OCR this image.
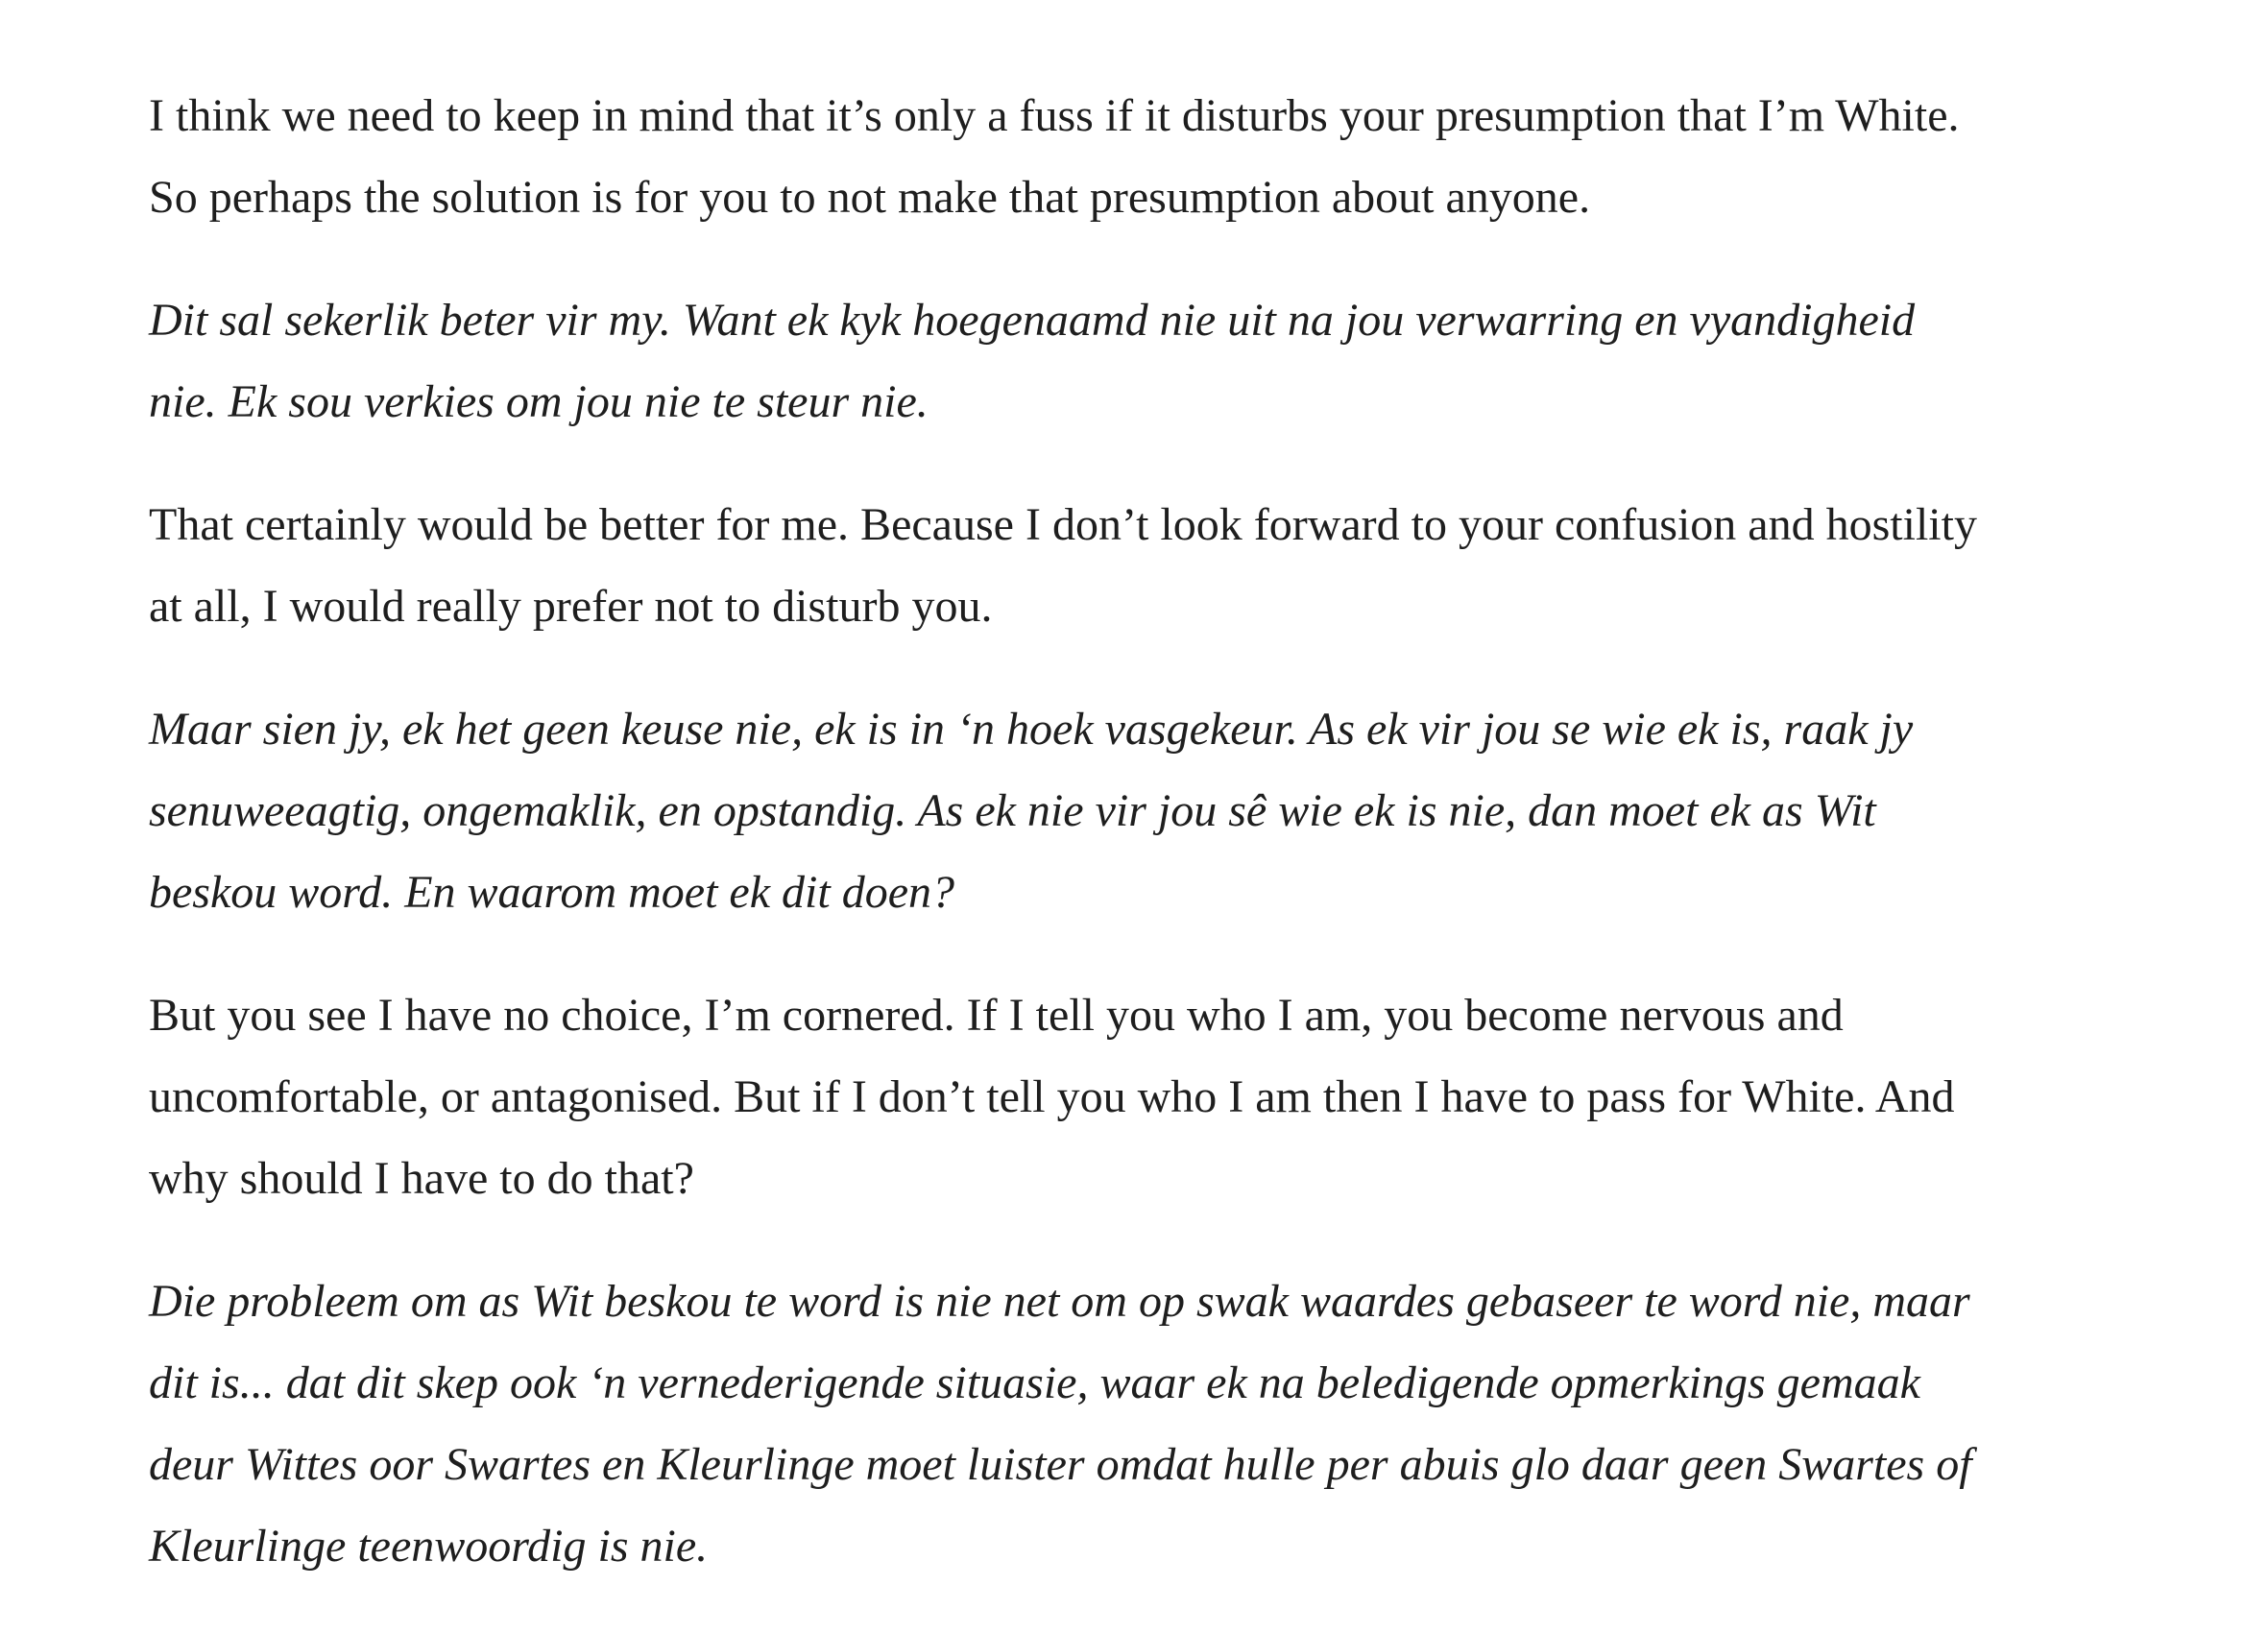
I think we need to keep in mind that it’s only a fuss if it disturbs your presumption that I’m White.
So perhaps the solution is for you to not make that presumption about anyone.

Dit sal sekerlik beter vir my. Want ek kyk hoegenaamd nie uit na jou verwarring en vyandigheid
nie. Ek sou verkies om jou nie te steur nie.

That certainly would be better for me. Because I don’t look forward to your confusion and hostility
at all, I would really prefer not to disturb you.

Maar sien jy, ek het geen keuse nie, ek is in ‘n hoek vasgekeur. As ek vir jou se wie ek is, raak jy
senuweeagtig, ongemaklik, en opstandig. As ek nie vir jou sê wie ek is nie, dan moet ek as Wit
beskou word. En waarom moet ek dit doen?

But you see I have no choice, I’m cornered. If I tell you who I am, you become nervous and
uncomfortable, or antagonised. But if I don’t tell you who I am then I have to pass for White. And
why should I have to do that?

Die probleem om as Wit beskou te word is nie net om op swak waardes gebaseer te word nie, maar
dit is... dat dit skep ook ‘n vernederigende situasie, waar ek na beledigende opmerkings gemaak
deur Wittes oor Swartes en Kleurlinge moet luister omdat hulle per abuis glo daar geen Swartes of
Kleurlinge teenwoordig is nie.
